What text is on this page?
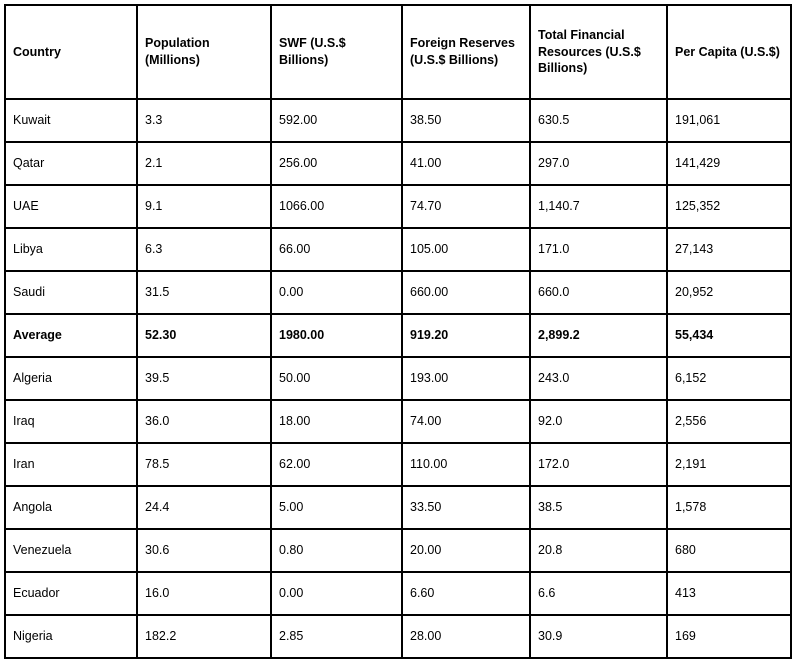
Country	Population (Millions)	SWF (U.S.$ Billions)	Foreign Reserves (U.S.$ Billions)	Total Financial Resources (U.S.$ Billions)	Per Capita (U.S.$)
Kuwait	3.3	592.00	38.50	630.5	191,061
Qatar	2.1	256.00	41.00	297.0	141,429
UAE	9.1	1066.00	74.70	1,140.7	125,352
Libya	6.3	66.00	105.00	171.0	27,143
Saudi	31.5	0.00	660.00	660.0	20,952
Average	52.30	1980.00	919.20	2,899.2	55,434
Algeria	39.5	50.00	193.00	243.0	6,152
Iraq	36.0	18.00	74.00	92.0	2,556
Iran	78.5	62.00	110.00	172.0	2,191
Angola	24.4	5.00	33.50	38.5	1,578
Venezuela	30.6	0.80	20.00	20.8	680
Ecuador	16.0	0.00	6.60	6.6	413
Nigeria	182.2	2.85	28.00	30.9	169
